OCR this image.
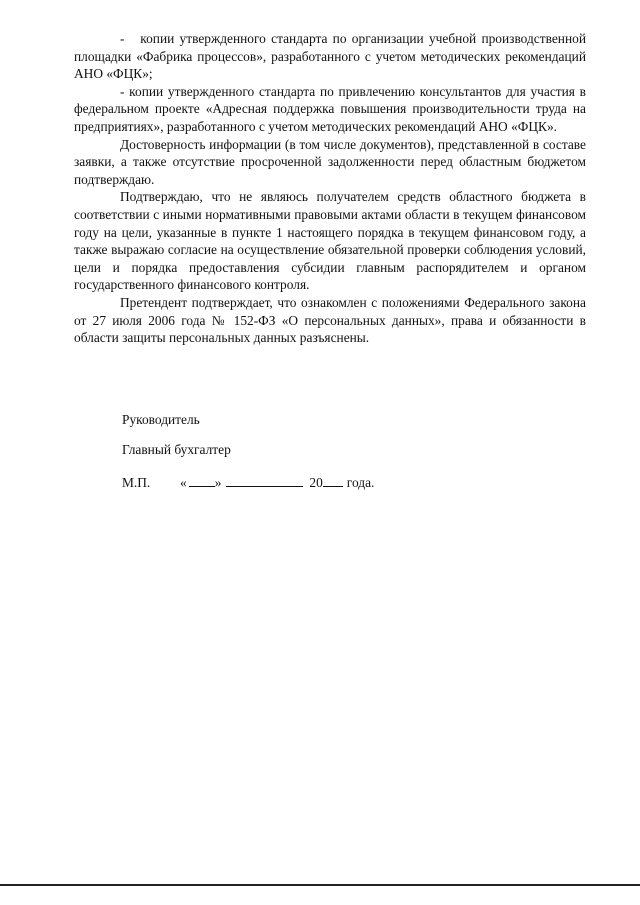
-   копии утвержденного стандарта по организации учебной производственной площадки «Фабрика процессов», разработанного с учетом методических рекомендаций АНО «ФЦК»;

- копии утвержденного стандарта по привлечению консультантов для участия в федеральном проекте «Адресная поддержка повышения производительности труда на предприятиях», разработанного с учетом методических рекомендаций АНО «ФЦК».

Достоверность информации (в том числе документов), представленной в составе заявки, а также отсутствие просроченной задолженности перед областным бюджетом подтверждаю.

Подтверждаю, что не являюсь получателем средств областного бюджета в соответствии с иными нормативными правовыми актами области в текущем финансовом году на цели, указанные в пункте 1 настоящего порядка в текущем финансовом году, а также выражаю согласие на осуществление обязательной проверки соблюдения условий, цели и порядка предоставления субсидии главным распорядителем и органом государственного финансового контроля.

Претендент подтверждает, что ознакомлен с положениями Федерального закона от 27 июля 2006 года № 152-ФЗ «О персональных данных», права и обязанности в области защиты персональных данных разъяснены.

Руководитель
Главный бухгалтер
М.П.	« »	20 года.
